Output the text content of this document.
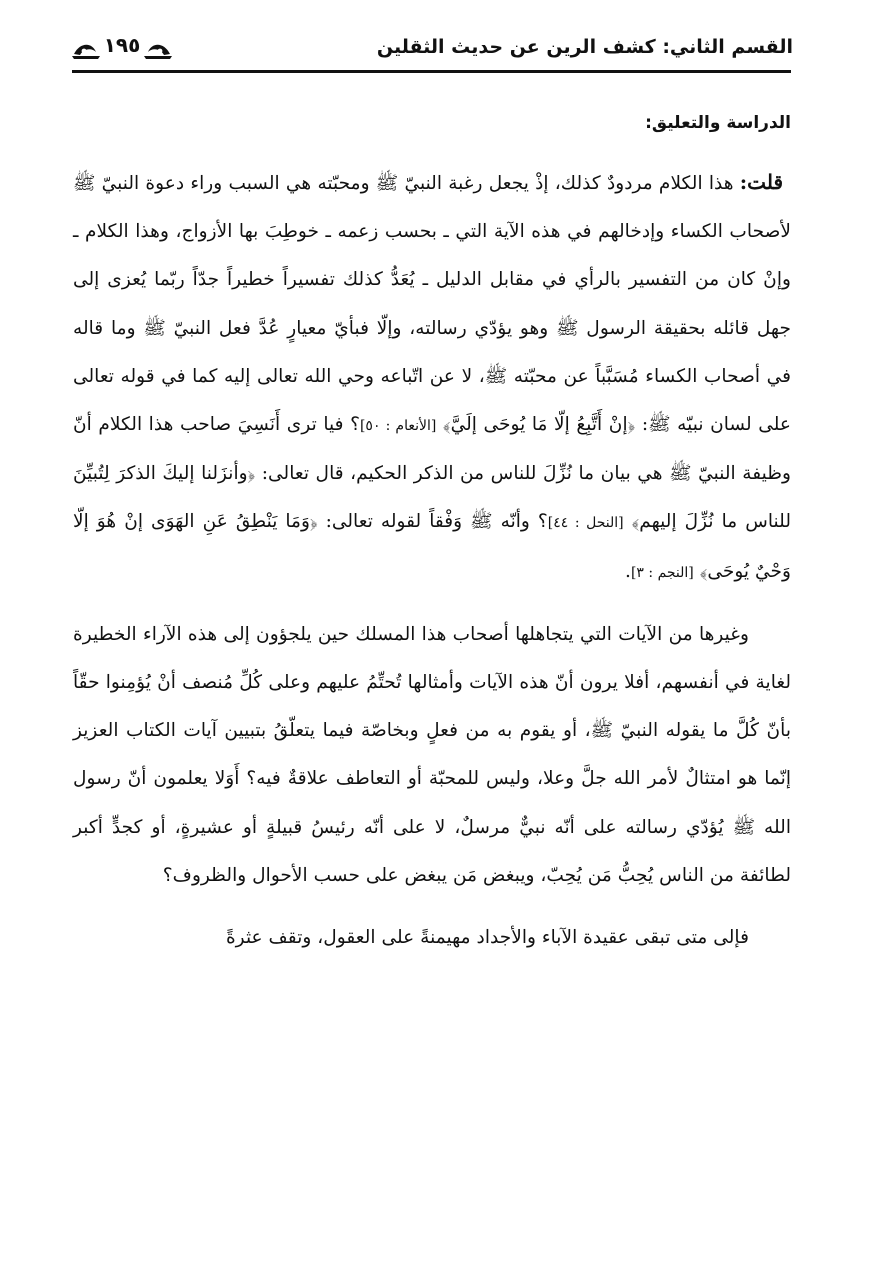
القسم الثاني: كشف الرين عن حديث الثقلين
١٩٥
الدراسة والتعليق:

قلت: هذا الكلام مردودٌ كذلك، إذْ يجعل رغبة النبيّ ﷺ ومحبّته هي السبب وراء دعوة النبيّ ﷺ لأصحاب الكساء وإدخالهم في هذه الآية التي ـ بحسب زعمه ـ خوطِبَ بها الأزواج، وهذا الكلام ـ وإنْ كان من التفسير بالرأي في مقابل الدليل ـ يُعَدُّ كذلك تفسيراً خطيراً جدّاً ربّما يُعزى إلى جهل قائله بحقيقة الرسول ﷺ وهو يؤدّي رسالته، وإلّا فبأيّ معيارٍ عُدَّ فعل النبيّ ﷺ وما قاله في أصحاب الكساء مُسَبَّباً عن محبّته ﷺ، لا عن اتّباعه وحي الله تعالى إليه كما في قوله تعالى على لسان نبيّه ﷺ: ﴿إنْ أَتَّبِعُ إلّا مَا يُوحَى إلَيَّ﴾ [الأنعام : ٥٠]؟ فيا ترى أَنَسِيَ صاحب هذا الكلام أنّ وظيفة النبيّ ﷺ هي بيان ما نُزِّلَ للناس من الذكر الحكيم، قال تعالى: ﴿وأنزَلنا إليكَ الذكرَ لِتُبيِّنَ للناس ما نُزِّلَ إليهم﴾ [النحل : ٤٤]؟ وأنّه ﷺ وَفْقاً لقوله تعالى: ﴿وَمَا يَنْطِقُ عَنِ الهَوَى إنْ هُوَ إلّا وَحْيٌ يُوحَى﴾ [النجم : ٣].

وغيرها من الآيات التي يتجاهلها أصحاب هذا المسلك حين يلجؤون إلى هذه الآراء الخطيرة لغاية في أنفسهم، أفلا يرون أنّ هذه الآيات وأمثالها تُحتِّمُ عليهم وعلى كُلِّ مُنصف أنْ يُؤمِنوا حقّاً بأنّ كُلَّ ما يقوله النبيّ ﷺ، أو يقوم به من فعلٍ وبخاصّة فيما يتعلّقُ بتبيين آيات الكتاب العزيز إنّما هو امتثالٌ لأمر الله جلَّ وعلا، وليس للمحبّة أو التعاطف علاقةٌ فيه؟ أَوَلا يعلمون أنّ رسول الله ﷺ يُؤدّي رسالته على أنّه نبيٌّ مرسلٌ، لا على أنّه رئيسُ قبيلةٍ أو عشيرةٍ، أو كجدٍّ أكبر لطائفة من الناس يُحِبُّ مَن يُحِبّ، ويبغض مَن يبغض على حسب الأحوال والظروف؟

فإلى متى تبقى عقيدة الآباء والأجداد مهيمنةً على العقول، وتقف عثرةً
